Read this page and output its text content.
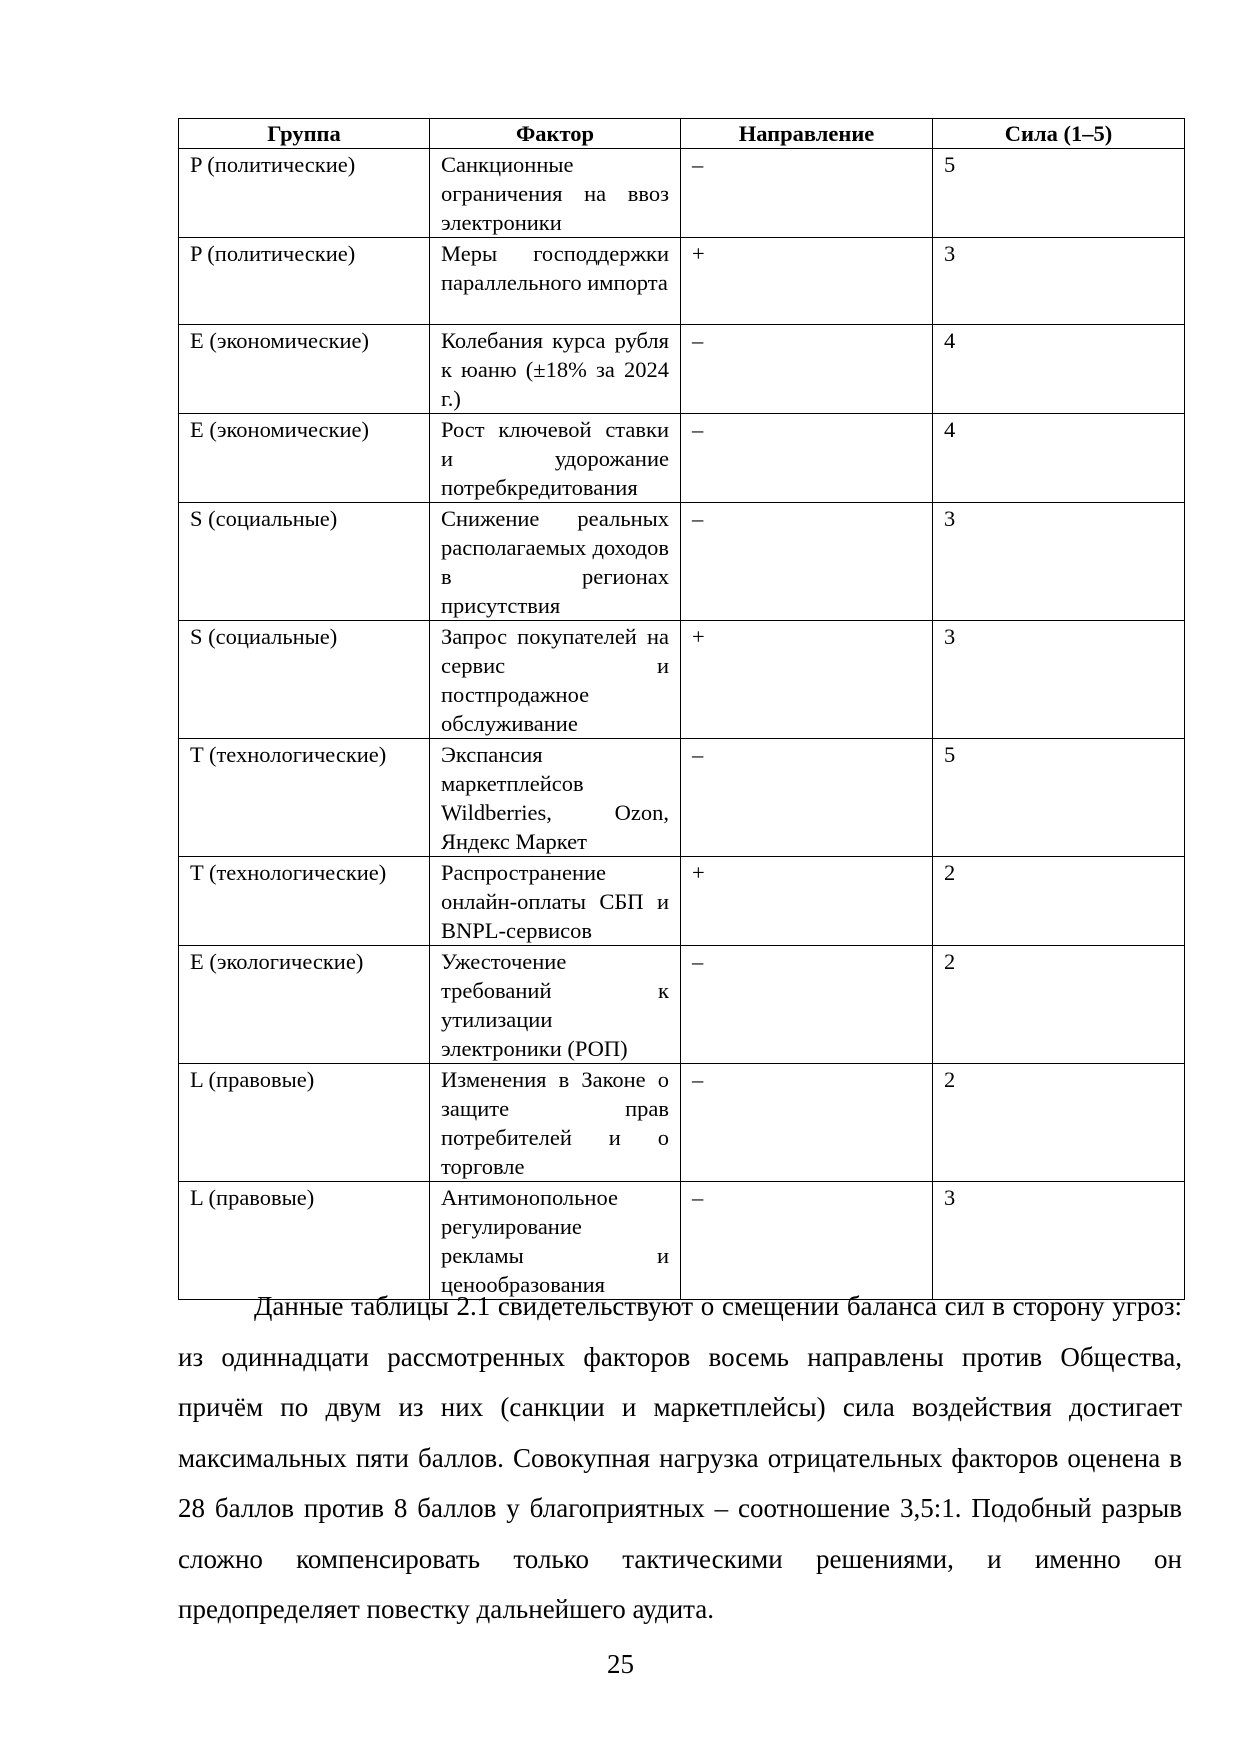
Группа	Фактор	Направление	Сила (1–5)
P (политические)	Санкционные ограничения на ввоз электроники	–	5
P (политические)	Меры господдержки параллельного импорта	+	3
E (экономические)	Колебания курса рубля к юаню (±18% за 2024 г.)	–	4
E (экономические)	Рост ключевой ставки и удорожание потребкредитования	–	4
S (социальные)	Снижение реальных располагаемых доходов в регионах присутствия	–	3
S (социальные)	Запрос покупателей на сервис и постпродажное обслуживание	+	3
T (технологические)	Экспансия маркетплейсов Wildberries, Ozon, Яндекс Маркет	–	5
T (технологические)	Распространение онлайн-оплаты СБП и BNPL-сервисов	+	2
E (экологические)	Ужесточение требований к утилизации электроники (РОП)	–	2
L (правовые)	Изменения в Законе о защите прав потребителей и о торговле	–	2
L (правовые)	Антимонопольное регулирование рекламы и ценообразования	–	3

Данные таблицы 2.1 свидетельствуют о смещении баланса сил в сторону угроз: из одиннадцати рассмотренных факторов восемь направлены против Общества, причём по двум из них (санкции и маркетплейсы) сила воздействия достигает максимальных пяти баллов. Совокупная нагрузка отрицательных факторов оценена в 28 баллов против 8 баллов у благоприятных – соотношение 3,5:1. Подобный разрыв сложно компенсировать только тактическими решениями, и именно он предопределяет повестку дальнейшего аудита.

25
